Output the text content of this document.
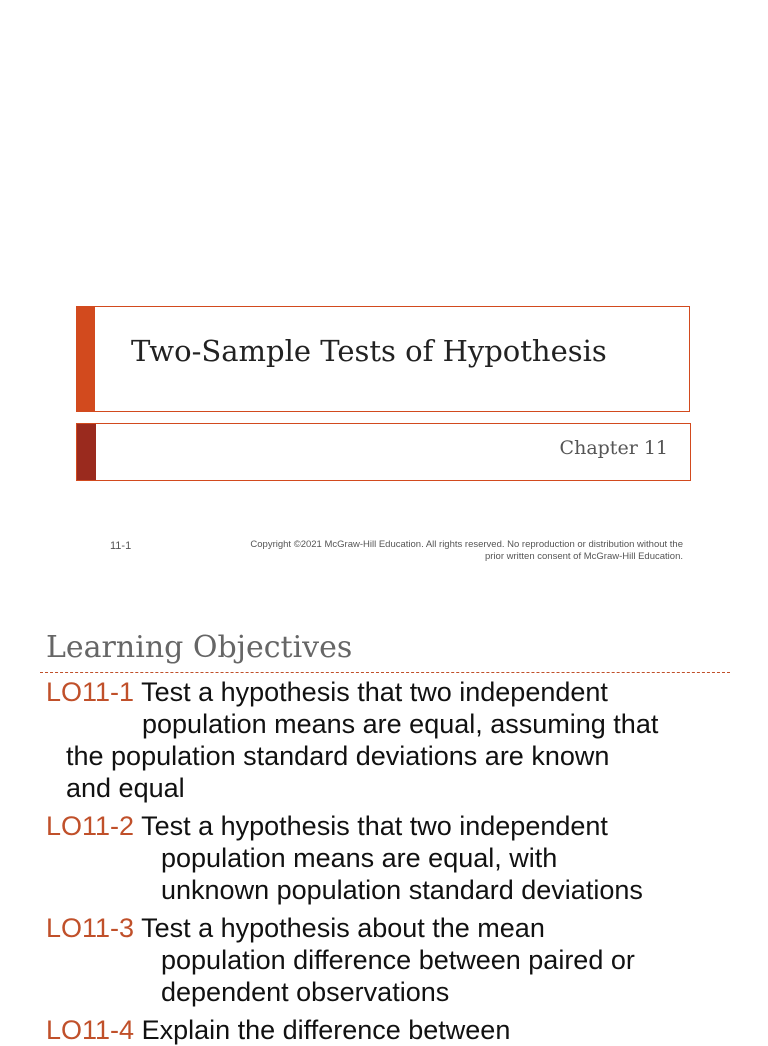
Two-Sample Tests of Hypothesis
Chapter 11
11-1	Copyright ©2021 McGraw-Hill Education. All rights reserved. No reproduction or distribution without the
prior written consent of McGraw-Hill Education.
Learning Objectives
LO11-1 Test a hypothesis that two independent
population means are equal, assuming that
the population standard deviations are known
and equal
LO11-2 Test a hypothesis that two independent
population means are equal, with
unknown population standard deviations
LO11-3 Test a hypothesis about the mean
population difference between paired or
dependent observations
LO11-4 Explain the difference between
